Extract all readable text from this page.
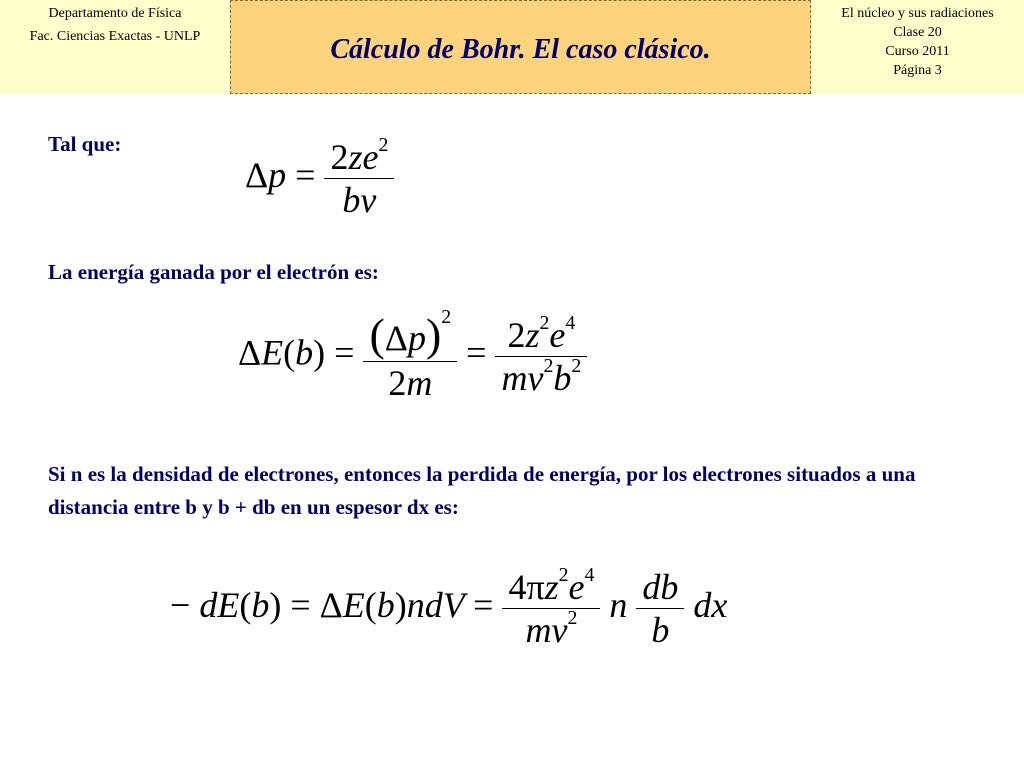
Departamento de Física
Fac. Ciencias Exactas - UNLP	Cálculo de Bohr. El caso clásico.
El núcleo y sus radiaciones
Clase 20
Curso 2011
Página 3
Tal que:
$\Delta p = \frac{2ze^2}{bv}$
La energía ganada por el electrón es:
$\Delta E(b) = \frac{(\Delta p)^2}{2m} = \frac{2z^2e^4}{mv^2b^2}$
Si n es la densidad de electrones, entonces la perdida de energía, por los electrones situados a una distancia entre b y b + db en un espesor dx es:
− $dE(b) = \Delta E(b)ndV = \frac{4\pi z^2e^4}{mv^2}$ n $\frac{db}{b}$ dx
